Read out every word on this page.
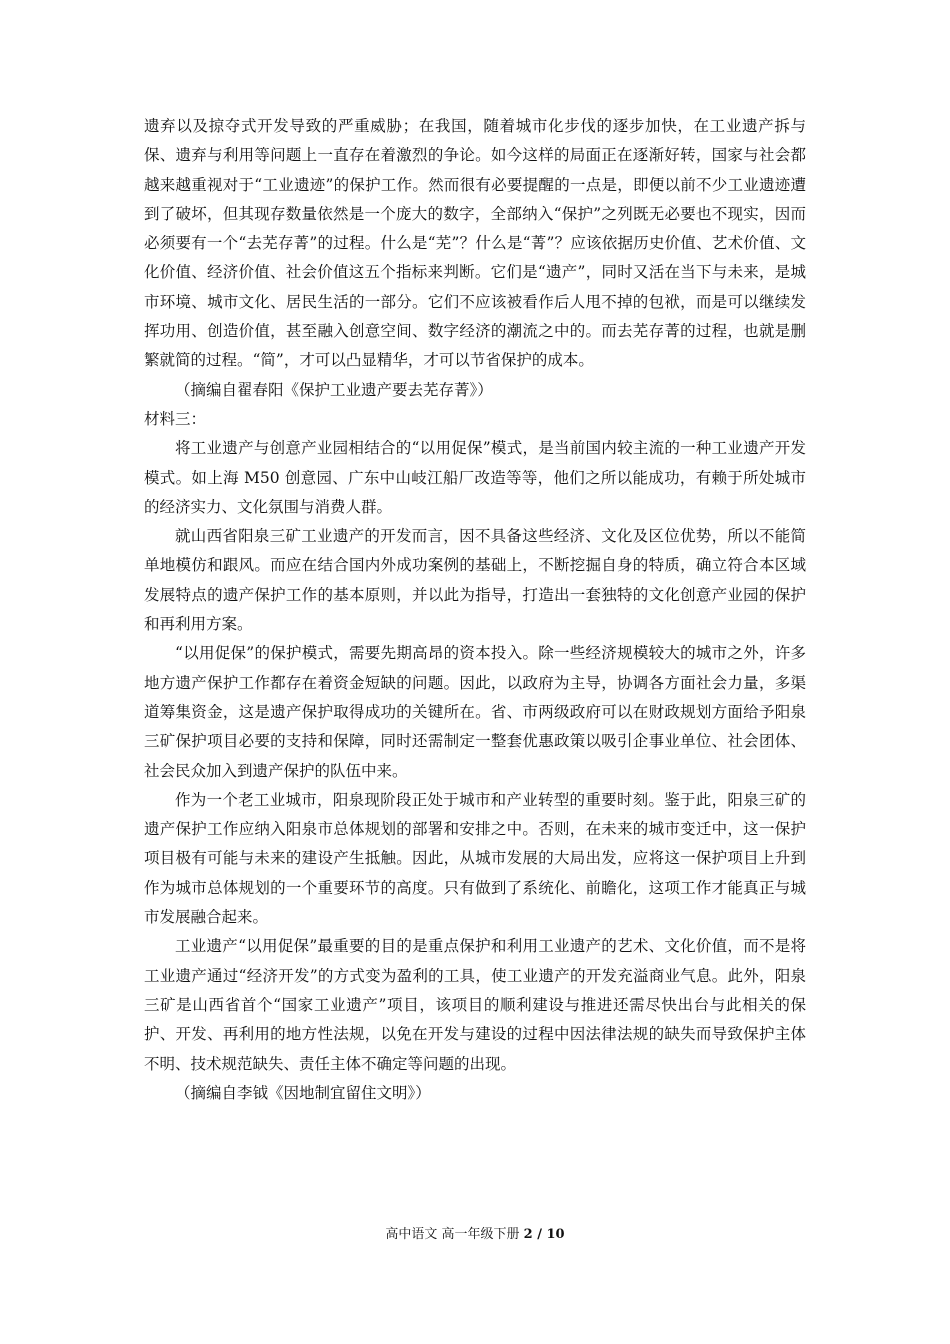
遗弃以及掠夺式开发导致的严重威胁；在我国，随着城市化步伐的逐步加快，在工业遗产拆与保、遗弃与利用等问题上一直存在着激烈的争论。如今这样的局面正在逐渐好转，国家与社会都越来越重视对于“工业遗迹”的保护工作。然而很有必要提醒的一点是，即便以前不少工业遗迹遭到了破坏，但其现存数量依然是一个庞大的数字，全部纳入“保护”之列既无必要也不现实，因而必须要有一个“去芜存菁”的过程。什么是“芜”？什么是“菁”？应该依据历史价值、艺术价值、文化价值、经济价值、社会价值这五个指标来判断。它们是“遗产”，同时又活在当下与未来，是城市环境、城市文化、居民生活的一部分。它们不应该被看作后人甩不掉的包袱，而是可以继续发挥功用、创造价值，甚至融入创意空间、数字经济的潮流之中的。而去芜存菁的过程，也就是删繁就简的过程。“简”，才可以凸显精华，才可以节省保护的成本。

（摘编自翟春阳《保护工业遗产要去芜存菁》）

材料三：

将工业遗产与创意产业园相结合的“以用促保”模式，是当前国内较主流的一种工业遗产开发模式。如上海 M50 创意园、广东中山岐江船厂改造等等，他们之所以能成功，有赖于所处城市的经济实力、文化氛围与消费人群。

就山西省阳泉三矿工业遗产的开发而言，因不具备这些经济、文化及区位优势，所以不能简单地模仿和跟风。而应在结合国内外成功案例的基础上，不断挖掘自身的特质，确立符合本区域发展特点的遗产保护工作的基本原则，并以此为指导，打造出一套独特的文化创意产业园的保护和再利用方案。

“以用促保”的保护模式，需要先期高昂的资本投入。除一些经济规模较大的城市之外，许多地方遗产保护工作都存在着资金短缺的问题。因此，以政府为主导，协调各方面社会力量，多渠道筹集资金，这是遗产保护取得成功的关键所在。省、市两级政府可以在财政规划方面给予阳泉三矿保护项目必要的支持和保障，同时还需制定一整套优惠政策以吸引企事业单位、社会团体、社会民众加入到遗产保护的队伍中来。

作为一个老工业城市，阳泉现阶段正处于城市和产业转型的重要时刻。鉴于此，阳泉三矿的遗产保护工作应纳入阳泉市总体规划的部署和安排之中。否则，在未来的城市变迁中，这一保护项目极有可能与未来的建设产生抵触。因此，从城市发展的大局出发，应将这一保护项目上升到作为城市总体规划的一个重要环节的高度。只有做到了系统化、前瞻化，这项工作才能真正与城市发展融合起来。

工业遗产“以用促保”最重要的目的是重点保护和利用工业遗产的艺术、文化价值，而不是将工业遗产通过“经济开发”的方式变为盈利的工具，使工业遗产的开发充溢商业气息。此外，阳泉三矿是山西省首个“国家工业遗产”项目，该项目的顺利建设与推进还需尽快出台与此相关的保护、开发、再利用的地方性法规，以免在开发与建设的过程中因法律法规的缺失而导致保护主体不明、技术规范缺失、责任主体不确定等问题的出现。

（摘编自李钺《因地制宜留住文明》）

高中语文 高一年级下册 2 / 10
